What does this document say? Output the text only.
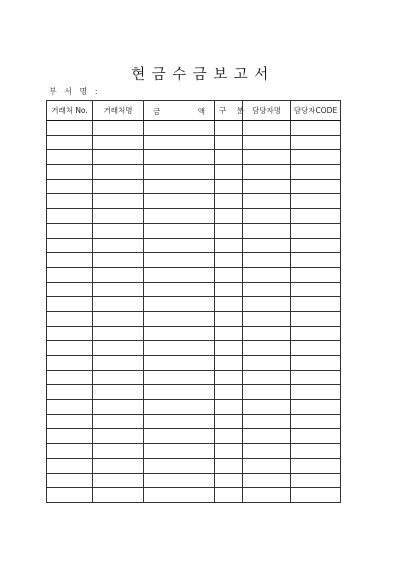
현금수금보고서
부 서 명 :
거래처 No.	거래처명	금 액	구 분	담당자명	담당자CODE
